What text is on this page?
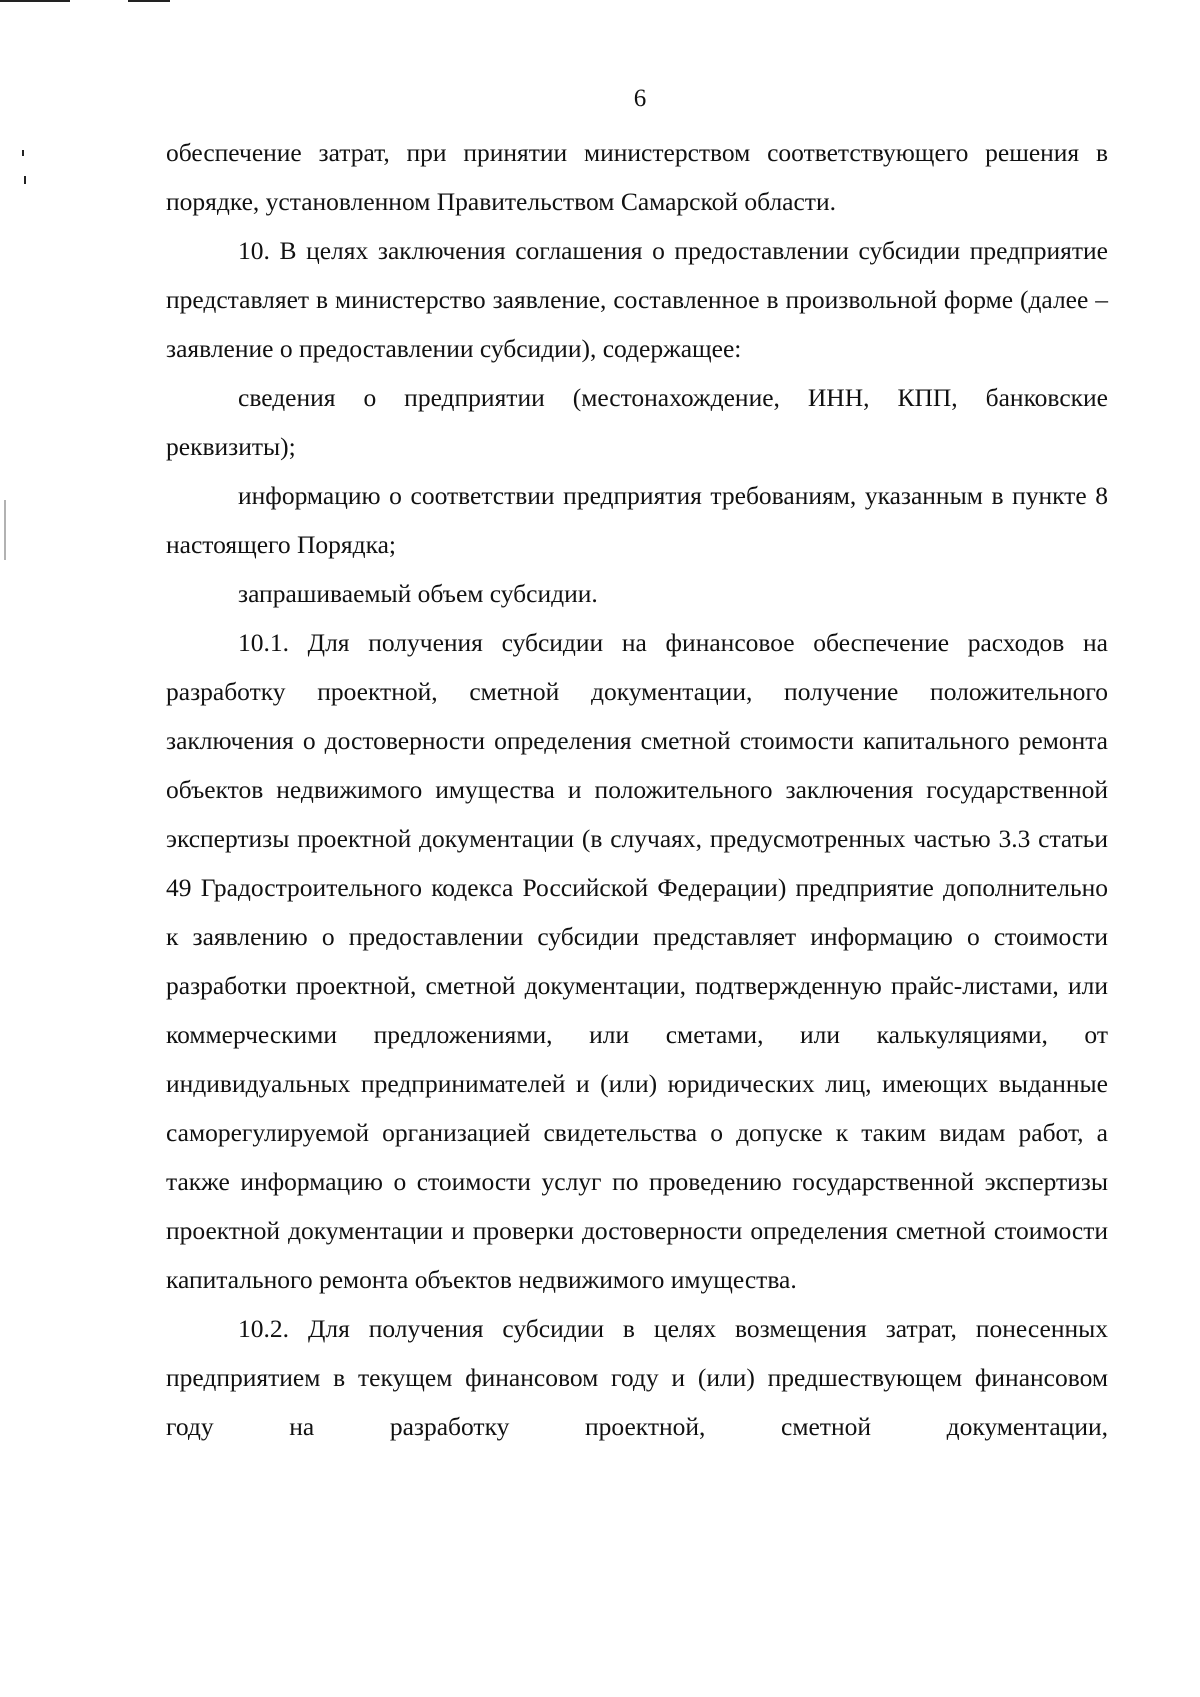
6

обеспечение затрат, при принятии министерством соответствующего решения в порядке, установленном Правительством Самарской области.

10. В целях заключения соглашения о предоставлении субсидии предприятие представляет в министерство заявление, составленное в произвольной форме (далее – заявление о предоставлении субсидии), содержащее:

сведения о предприятии (местонахождение, ИНН, КПП, банковские реквизиты);

информацию о соответствии предприятия требованиям, указанным в пункте 8 настоящего Порядка;

запрашиваемый объем субсидии.

10.1. Для получения субсидии на финансовое обеспечение расходов на разработку проектной, сметной документации, получение положительного заключения о достоверности определения сметной стоимости капитального ремонта объектов недвижимого имущества и положительного заключения государственной экспертизы проектной документации (в случаях, предусмотренных частью 3.3 статьи 49 Градостроительного кодекса Российской Федерации) предприятие дополнительно к заявлению о предоставлении субсидии представляет информацию о стоимости разработки проектной, сметной документации, подтвержденную прайс-листами, или коммерческими предложениями, или сметами, или калькуляциями, от индивидуальных предпринимателей и (или) юридических лиц, имеющих выданные саморегулируемой организацией свидетельства о допуске к таким видам работ, а также информацию о стоимости услуг по проведению государственной экспертизы проектной документации и проверки достоверности определения сметной стоимости капитального ремонта объектов недвижимого имущества.

10.2. Для получения субсидии в целях возмещения затрат, понесенных предприятием в текущем финансовом году и (или) предшествующем финансовом году на разработку проектной, сметной документации,
